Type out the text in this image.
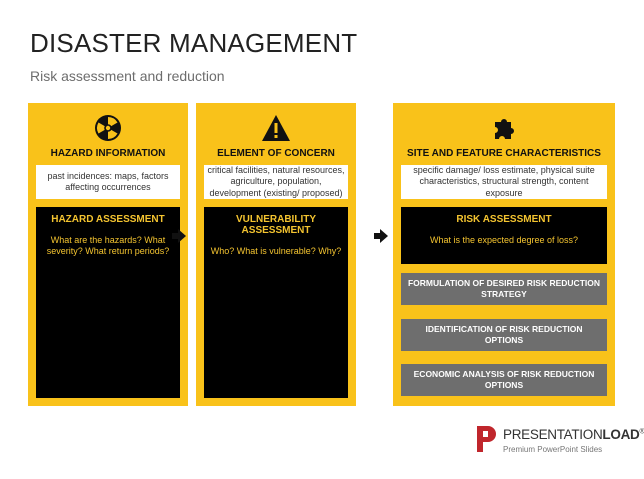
DISASTER MANAGEMENT
Risk assessment and reduction
HAZARD INFORMATION
past incidences: maps, factors affecting occurrences
HAZARD ASSESSMENT
What are the hazards? What severity? What return periods?
ELEMENT OF CONCERN
critical facilities, natural resources, agriculture, population, development (existing/ proposed)
VULNERABILITY ASSESSMENT
Who? What is vulnerable? Why?
SITE AND FEATURE CHARACTERISTICS
specific damage/ loss estimate, physical suite characteristics, structural strength, content exposure
RISK ASSESSMENT
What is the expected degree of loss?
FORMULATION OF DESIRED RISK REDUCTION STRATEGY
IDENTIFICATION OF RISK REDUCTION OPTIONS
ECONOMIC ANALYSIS OF RISK REDUCTION OPTIONS
PRESENTATIONLOAD®
Premium PowerPoint Slides
